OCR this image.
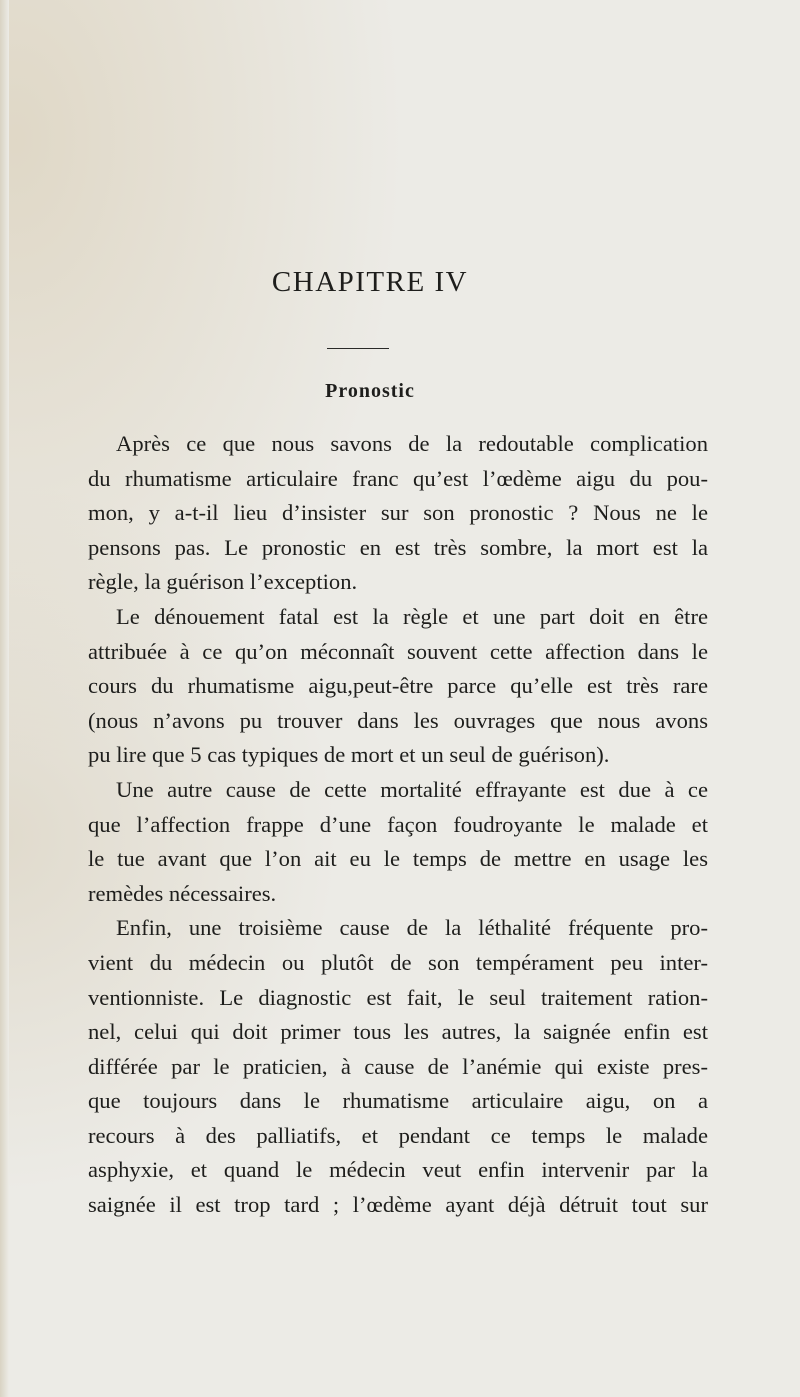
CHAPITRE IV
Pronostic
Après ce que nous savons de la redoutable complication
du rhumatisme articulaire franc qu’est l’œdème aigu du pou-
mon, y a-t-il lieu d’insister sur son pronostic ? Nous ne le
pensons pas. Le pronostic en est très sombre, la mort est la
règle, la guérison l’exception.
Le dénouement fatal est la règle et une part doit en être
attribuée à ce qu’on méconnaît souvent cette affection dans le
cours du rhumatisme aigu,peut-être parce qu’elle est très rare
(nous n’avons pu trouver dans les ouvrages que nous avons
pu lire que 5 cas typiques de mort et un seul de guérison).
Une autre cause de cette mortalité effrayante est due à ce
que l’affection frappe d’une façon foudroyante le malade et
le tue avant que l’on ait eu le temps de mettre en usage les
remèdes nécessaires.
Enfin, une troisième cause de la léthalité fréquente pro-
vient du médecin ou plutôt de son tempérament peu inter-
ventionniste. Le diagnostic est fait, le seul traitement ration-
nel, celui qui doit primer tous les autres, la saignée enfin est
différée par le praticien, à cause de l’anémie qui existe pres-
que toujours dans le rhumatisme articulaire aigu, on a
recours à des palliatifs, et pendant ce temps le malade
asphyxie, et quand le médecin veut enfin intervenir par la
saignée il est trop tard ; l’œdème ayant déjà détruit tout sur
